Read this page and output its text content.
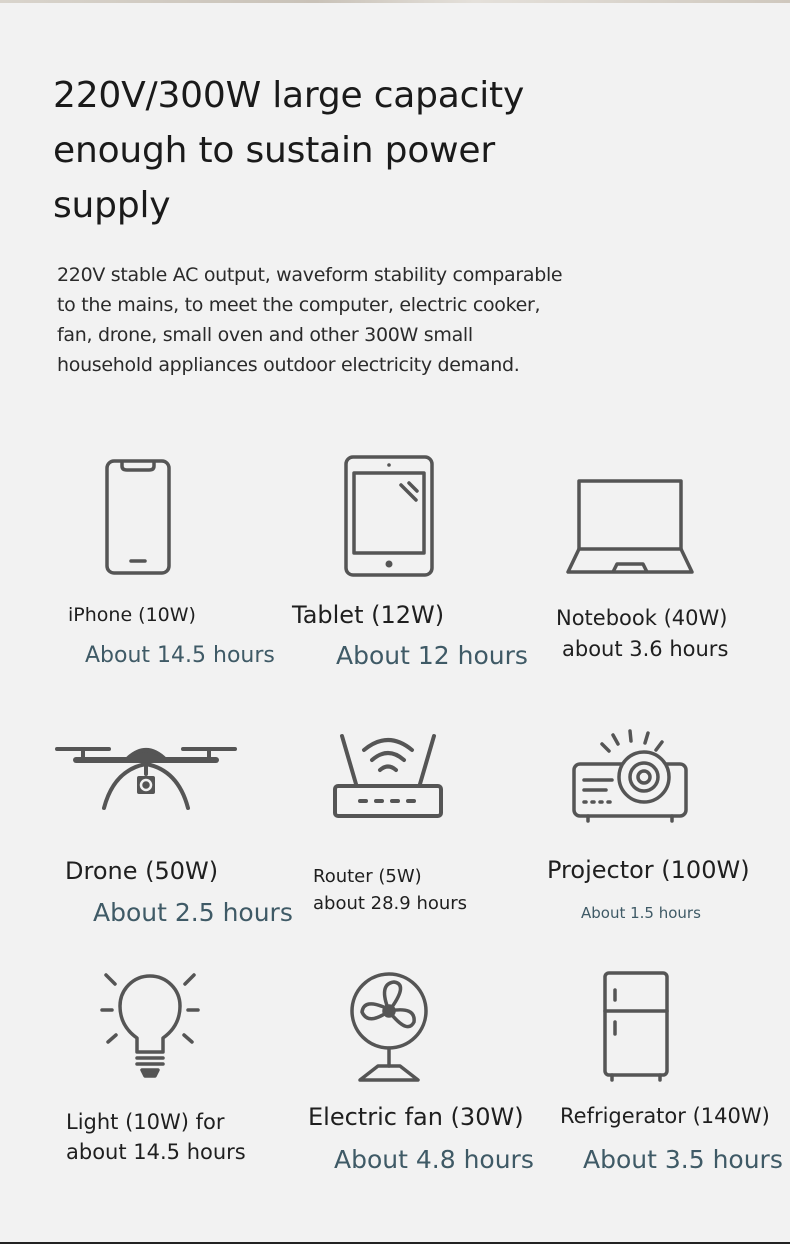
220V/300W large capacity
enough to sustain power
supply

220V stable AC output, waveform stability comparable
to the mains, to meet the computer, electric cooker,
fan, drone, small oven and other 300W small
household appliances outdoor electricity demand.

iPhone (10W)
About 14.5 hours
Tablet (12W)
About 12 hours
Notebook (40W)
about 3.6 hours
Drone (50W)
About 2.5 hours
Router (5W)
about 28.9 hours
Projector (100W)
About 1.5 hours
Light (10W) for
about 14.5 hours
Electric fan (30W)
About 4.8 hours
Refrigerator (140W)
About 3.5 hours
